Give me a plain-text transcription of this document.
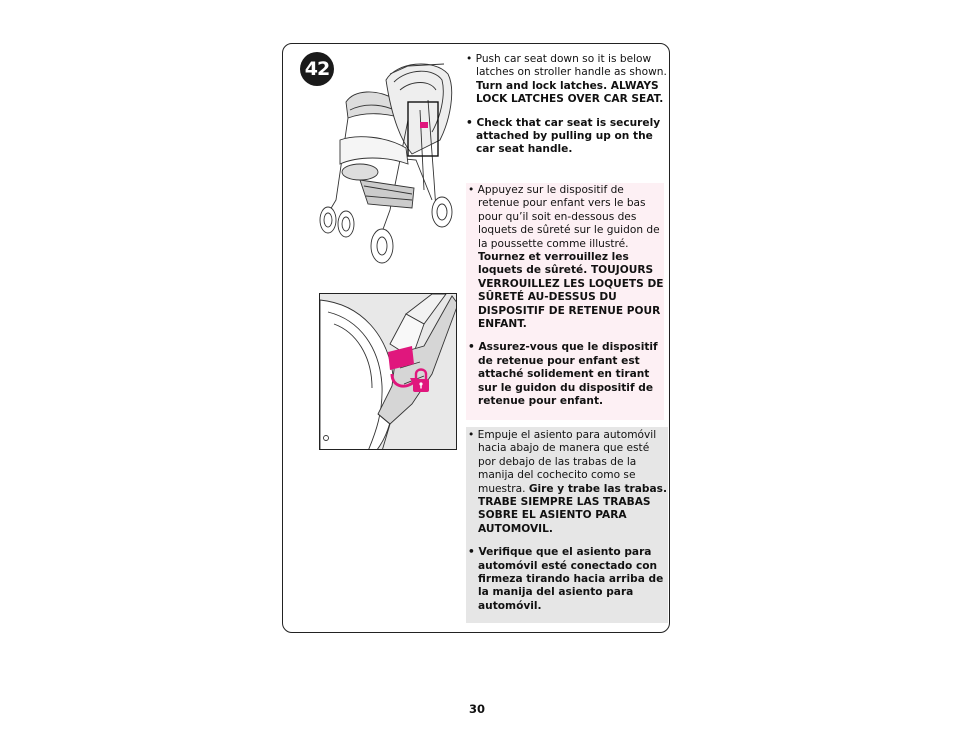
42	• Push car seat down so it is below latches on stroller handle as shown. Turn and lock latches. ALWAYS LOCK LATCHES OVER CAR SEAT.

• Check that car seat is securely attached by pulling up on the car seat handle.

• Appuyez sur le dispositif de retenue pour enfant vers le bas pour qu’il soit en-dessous des loquets de sûreté sur le guidon de la poussette comme illustré. Tournez et verrouillez les loquets de sûreté. TOUJOURS VERROUILLEZ LES LOQUETS DE SÛRETÉ AU-DESSUS DU DISPOSITIF DE RETENUE POUR ENFANT.

• Assurez-vous que le dispositif de retenue pour enfant est attaché solidement en tirant sur le guidon du dispositif de retenue pour enfant.

• Empuje el asiento para automóvil hacia abajo de manera que esté por debajo de las trabas de la manija del cochecito como se muestra. Gire y trabe las trabas. TRABE SIEMPRE LAS TRABAS SOBRE EL ASIENTO PARA AUTOMOVIL.

• Verifique que el asiento para automóvil esté conectado con firmeza tirando hacia arriba de la manija del asiento para automóvil.

30
